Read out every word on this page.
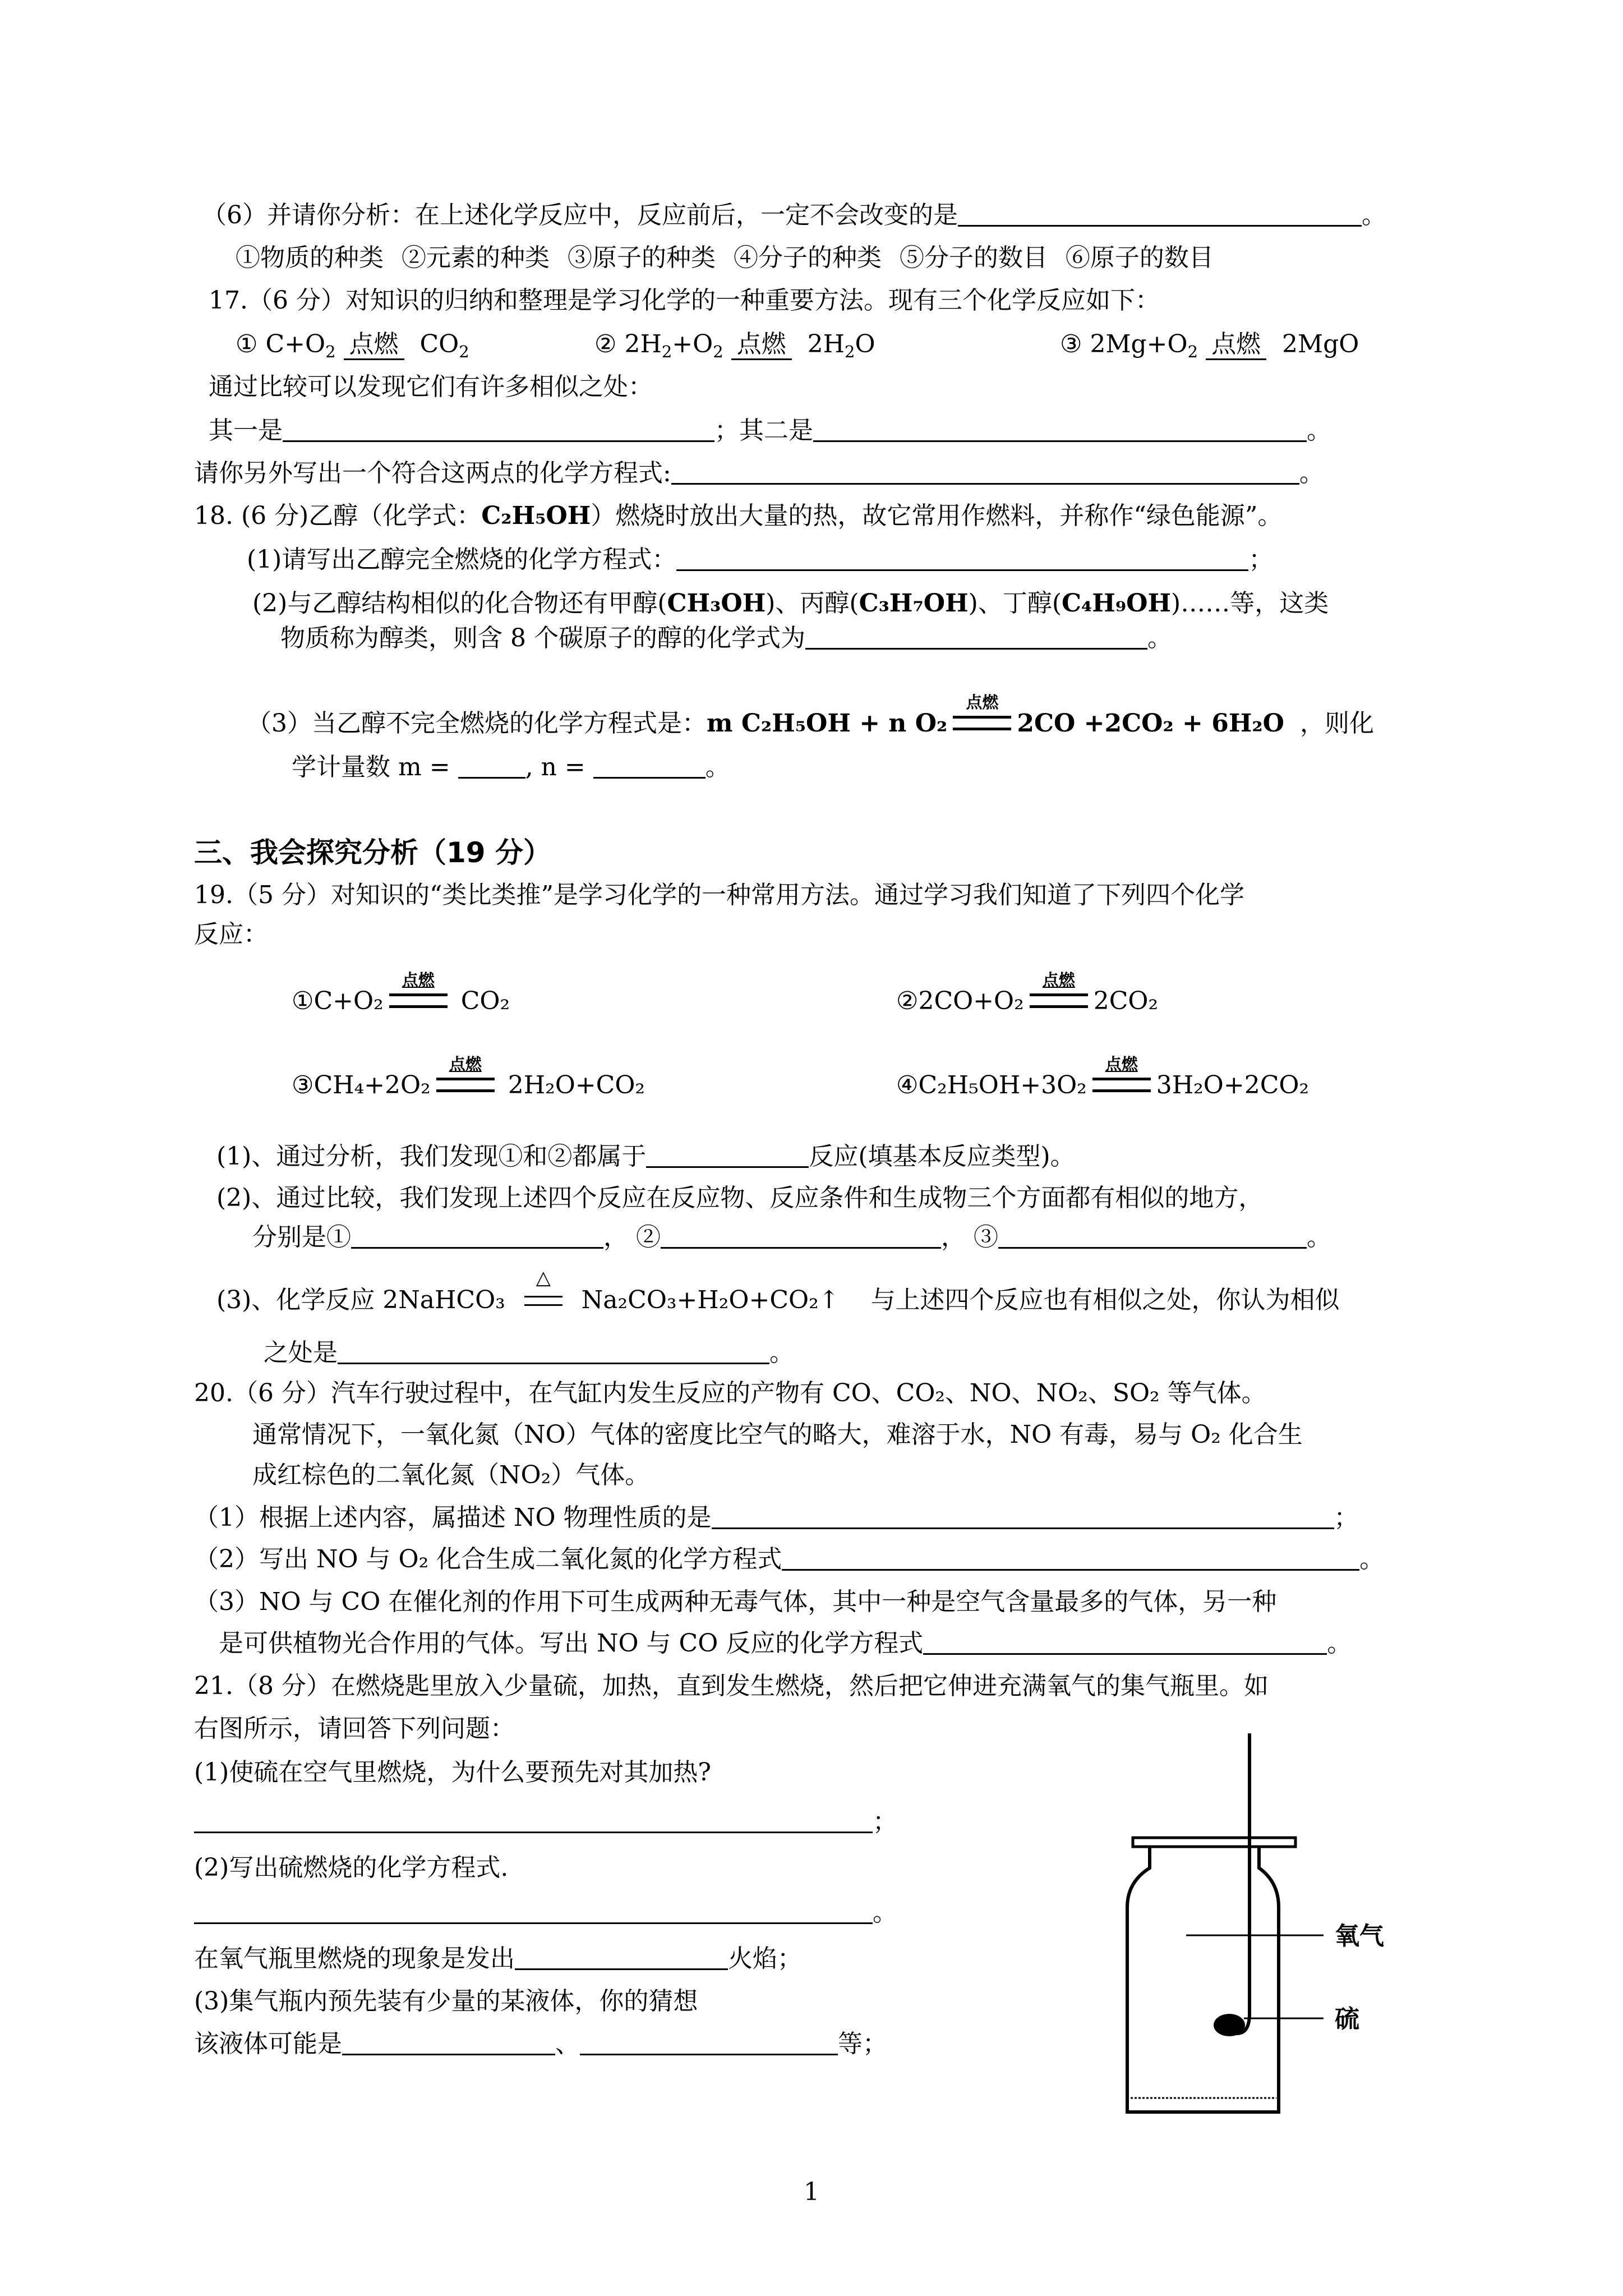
（6）并请你分析：在上述化学反应中，反应前后，一定不会改变的是	。
①物质的种类 ②元素的种类 ③原子的种类 ④分子的种类 ⑤分子的数目 ⑥原子的数目
17.（6 分）对知识的归纳和整理是学习化学的一种重要方法。现有三个化学反应如下：
① $C+O_2$ 点燃 $CO_2$	② $2H_2+O_2$ 点燃 $2H_2O$	③ $2Mg+O_2$ 点燃 2MgO
通过比较可以发现它们有许多相似之处：
其一是	；其二是	。
请你另外写出一个符合这两点的化学方程式:	。
18. (6 分)乙醇（化学式：C₂H₅OH）燃烧时放出大量的热，故它常用作燃料，并称作“绿色能源”。
(1)请写出乙醇完全燃烧的化学方程式：	；
(2)与乙醇结构相似的化合物还有甲醇(CH₃OH)、丙醇(C₃H₇OH)、丁醇(C₄H₉OH)……等，这类
物质称为醇类，则含 8 个碳原子的醇的化学式为	。
（3）当乙醇不完全燃烧的化学方程式是：m C₂H₅OH + n O₂
点燃
2CO +2CO₂ + 6H₂O ，则化
学计量数 m =	, n =	。
三、我会探究分析（19 分）
19.（5 分）对知识的“类比类推”是学习化学的一种常用方法。通过学习我们知道了下列四个化学
反应：
①C+O₂
点燃
CO₂	②2CO+O₂
点燃
2CO₂
③CH₄+2O₂
点燃
2H₂O+CO₂	④C₂H₅OH+3O₂
点燃
3H₂O+2CO₂
(1)、通过分析，我们发现①和②都属于	反应(填基本反应类型)。
(2)、通过比较，我们发现上述四个反应在反应物、反应条件和生成物三个方面都有相似的地方，
分别是①	， ②	， ③	。
(3)、化学反应 2NaHCO₃
△
Na₂CO₃+H₂O+CO₂↑ 与上述四个反应也有相似之处，你认为相似
之处是	。
20.（6 分）汽车行驶过程中，在气缸内发生反应的产物有 CO、CO₂、NO、NO₂、SO₂ 等气体。
通常情况下，一氧化氮（NO）气体的密度比空气的略大，难溶于水，NO 有毒，易与 O₂ 化合生
成红棕色的二氧化氮（NO₂）气体。
（1）根据上述内容，属描述 NO 物理性质的是	；
（2）写出 NO 与 O₂ 化合生成二氧化氮的化学方程式	。
（3）NO 与 CO 在催化剂的作用下可生成两种无毒气体，其中一种是空气含量最多的气体，另一种
是可供植物光合作用的气体。写出 NO 与 CO 反应的化学方程式	。
21.（8 分）在燃烧匙里放入少量硫，加热，直到发生燃烧，然后把它伸进充满氧气的集气瓶里。如
右图所示，请回答下列问题：
(1)使硫在空气里燃烧，为什么要预先对其加热?
；
(2)写出硫燃烧的化学方程式.
。
在氧气瓶里燃烧的现象是发出	火焰；
(3)集气瓶内预先装有少量的某液体，你的猜想
该液体可能是	、	等；
氧气
硫
1
